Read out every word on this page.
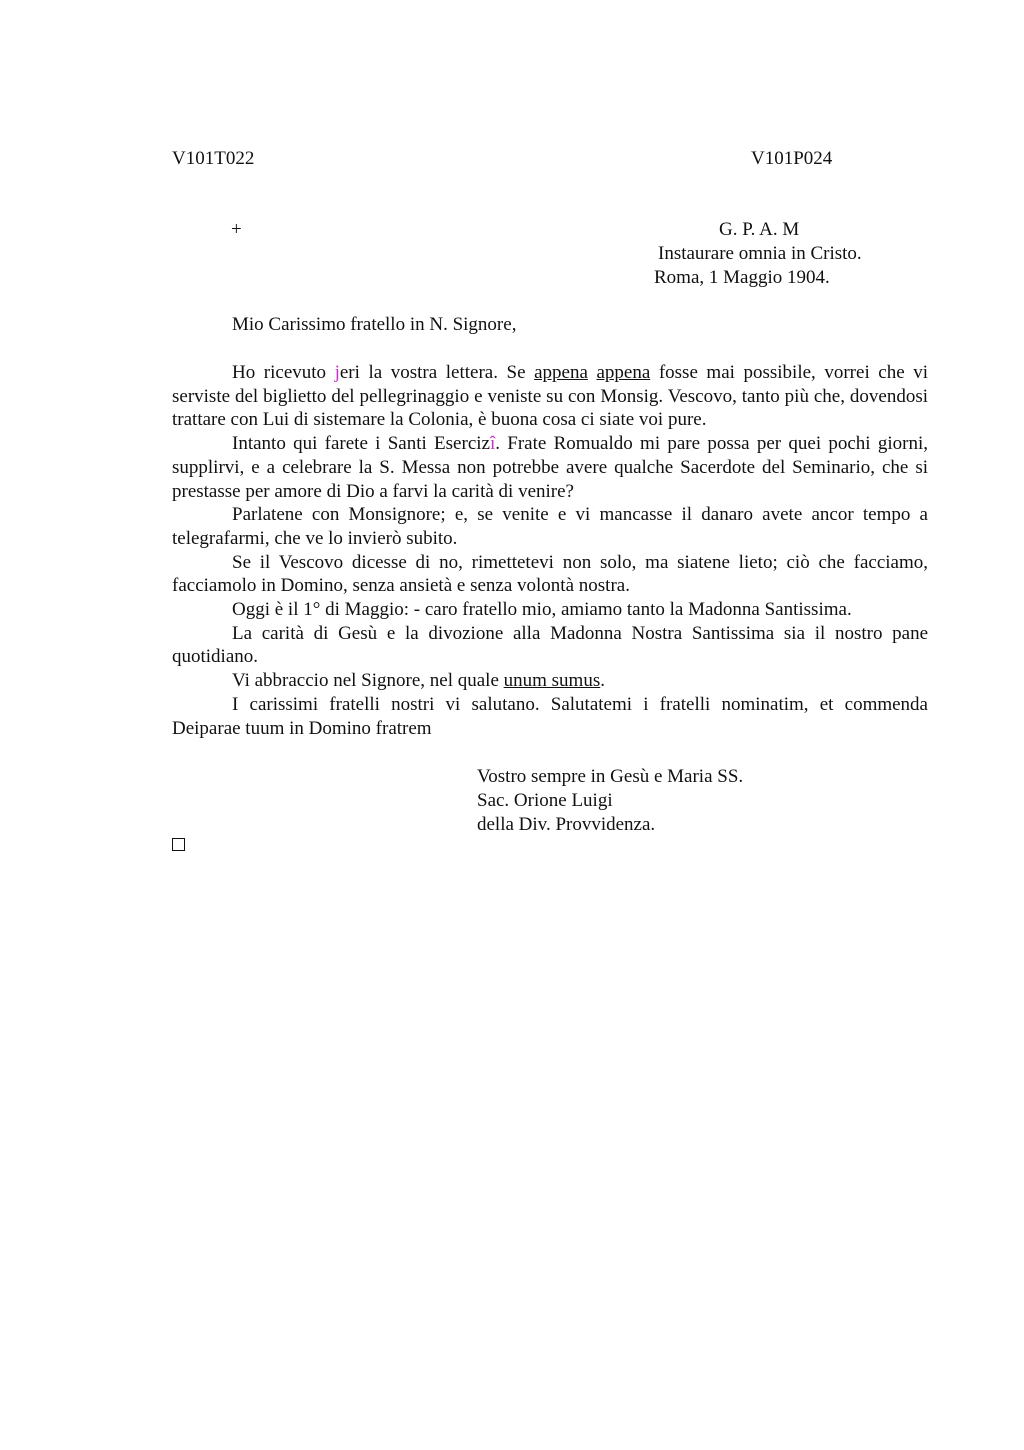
V101T022	V101P024
+	G. P. A. M
Instaurare omnia in Cristo.
Roma, 1 Maggio 1904.
Mio Carissimo fratello in N. Signore,

Ho ricevuto jeri la vostra lettera. Se appena appena fosse mai possibile, vorrei che vi serviste del biglietto del pellegrinaggio e veniste su con Monsig. Vescovo, tanto più che, dovendosi trattare con Lui di sistemare la Colonia, è buona cosa ci siate voi pure.

Intanto qui farete i Santi Esercizî. Frate Romualdo mi pare possa per quei pochi giorni, supplirvi, e a celebrare la S. Messa non potrebbe avere qualche Sacerdote del Seminario, che si prestasse per amore di Dio a farvi la carità di venire?

Parlatene con Monsignore; e, se venite e vi mancasse il danaro avete ancor tempo a telegrafarmi, che ve lo invierò subito.

Se il Vescovo dicesse di no, rimettetevi non solo, ma siatene lieto; ciò che facciamo, facciamolo in Domino, senza ansietà e senza volontà nostra.

Oggi è il 1° di Maggio: - caro fratello mio, amiamo tanto la Madonna Santissima.

La carità di Gesù e la divozione alla Madonna Nostra Santissima sia il nostro pane quotidiano.

Vi abbraccio nel Signore, nel quale unum sumus.

I carissimi fratelli nostri vi salutano. Salutatemi i fratelli nominatim, et commenda Deiparae tuum in Domino fratrem

Vostro sempre in Gesù e Maria SS.
Sac. Orione Luigi
della Div. Provvidenza.
